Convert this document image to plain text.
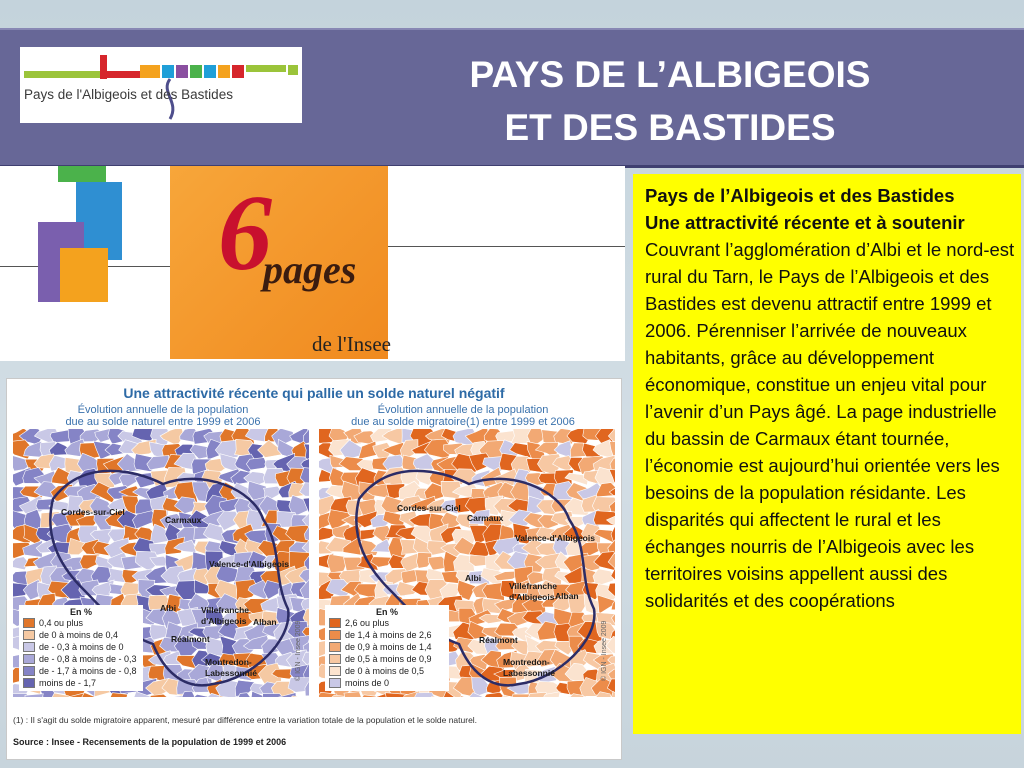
Pays de l'Albigeois et des Bastides	PAYS DE L’ALBIGEOIS
ET DES BASTIDES
6
pages
de l'Insee
Pays de l’Albigeois et des Bastides
Une attractivité récente et à soutenir
Couvrant l’agglomération d’Albi et le nord-est rural du Tarn, le Pays de l’Albigeois et des Bastides est devenu attractif entre 1999 et 2006. Pérenniser l’arrivée de nouveaux habitants, grâce au développement économique, constitue un enjeu vital pour l’avenir d’un Pays âgé. La page industrielle du bassin de Carmaux étant tournée, l’économie est aujourd’hui orientée vers les besoins de la population résidante. Les disparités qui affectent le rural et les échanges nourris de l’Albigeois avec les territoires voisins appellent aussi des solidarités et des coopérations
Une attractivité récente qui pallie un solde naturel négatif
Évolution annuelle de la population
due au solde naturel entre 1999 et 2006
Évolution annuelle de la population
due au solde migratoire(1) entre 1999 et 2006
Cordes-sur-Ciel
Carmaux
Valence-d'Albigeois
Albi	Villefranche
d'Albigeois Alban
Réalmont
Montredon-
Labessonnié
En %
0,4 ou plus
de 0 à moins de 0,4
de - 0,3 à moins de 0
de - 0,8 à moins de - 0,3
de - 1,7 à moins de - 0,8
moins de - 1,7
© IGN - Insee 2009
Cordes-sur-Ciel
Carmaux
Valence-d'Albigeois
Albi
Villefranche
d'Albigeois Alban
Réalmont
Montredon-
Labessonnié
En %
2,6 ou plus
de 1,4 à moins de 2,6
de 0,9 à moins de 1,4
de 0,5 à moins de 0,9
de 0 à moins de 0,5
moins de 0
© IGN - Insee 2009
(1) : Il s'agit du solde migratoire apparent, mesuré par différence entre la variation totale de la population et le solde naturel.
Source : Insee - Recensements de la population de 1999 et 2006
